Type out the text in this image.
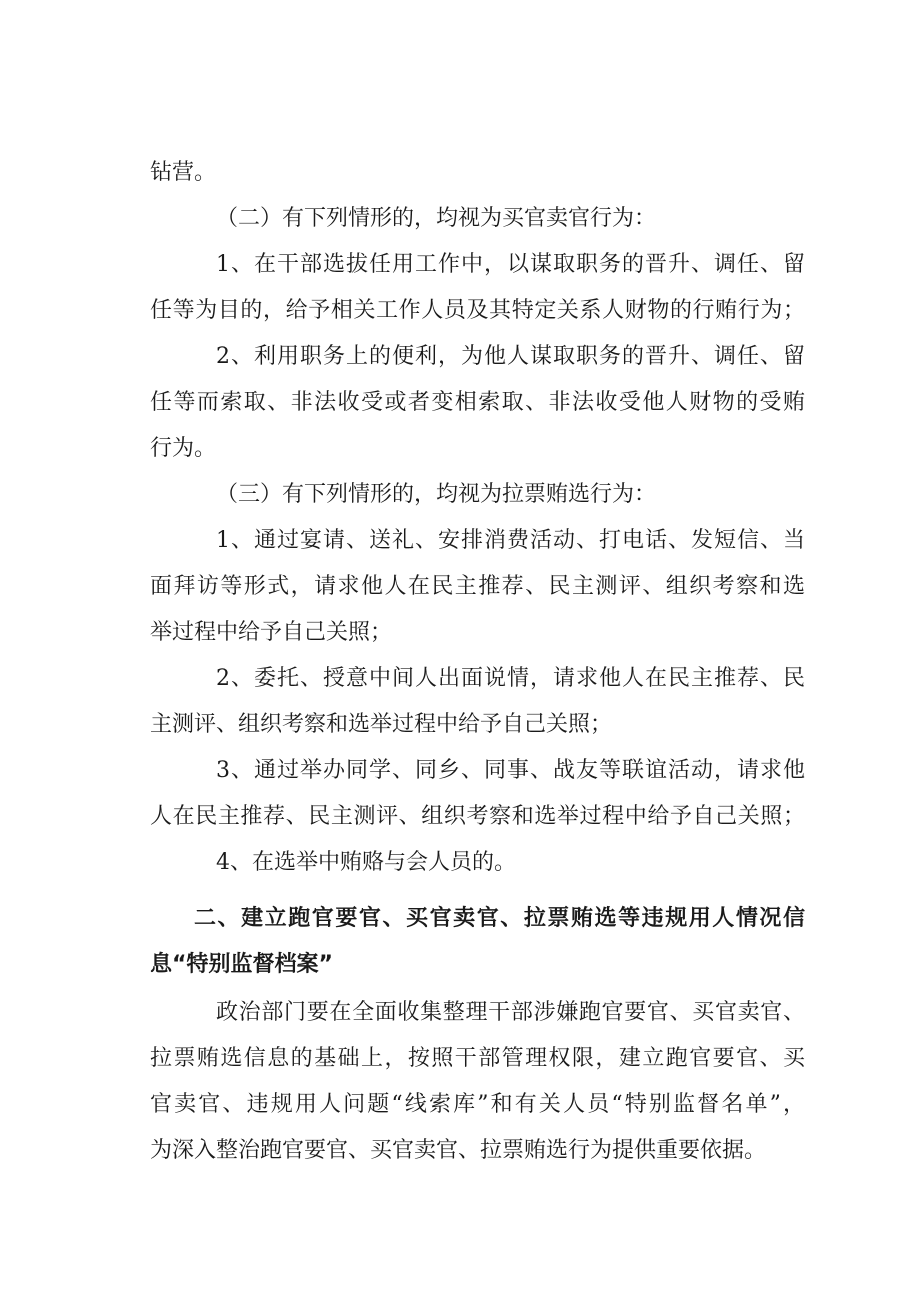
钻营。
（二）有下列情形的，均视为买官卖官行为：
1、在干部选拔任用工作中，以谋取职务的晋升、调任、留
任等为目的，给予相关工作人员及其特定关系人财物的行贿行为；
2、利用职务上的便利，为他人谋取职务的晋升、调任、留
任等而索取、非法收受或者变相索取、非法收受他人财物的受贿
行为。
（三）有下列情形的，均视为拉票贿选行为：
1、通过宴请、送礼、安排消费活动、打电话、发短信、当
面拜访等形式，请求他人在民主推荐、民主测评、组织考察和选
举过程中给予自己关照；
2、委托、授意中间人出面说情，请求他人在民主推荐、民
主测评、组织考察和选举过程中给予自己关照；
3、通过举办同学、同乡、同事、战友等联谊活动，请求他
人在民主推荐、民主测评、组织考察和选举过程中给予自己关照；
4、在选举中贿赂与会人员的。
二、建立跑官要官、买官卖官、拉票贿选等违规用人情况信
息“特别监督档案”
政治部门要在全面收集整理干部涉嫌跑官要官、买官卖官、
拉票贿选信息的基础上，按照干部管理权限，建立跑官要官、买
官卖官、违规用人问题“线索库”和有关人员“特别监督名单”，
为深入整治跑官要官、买官卖官、拉票贿选行为提供重要依据。
